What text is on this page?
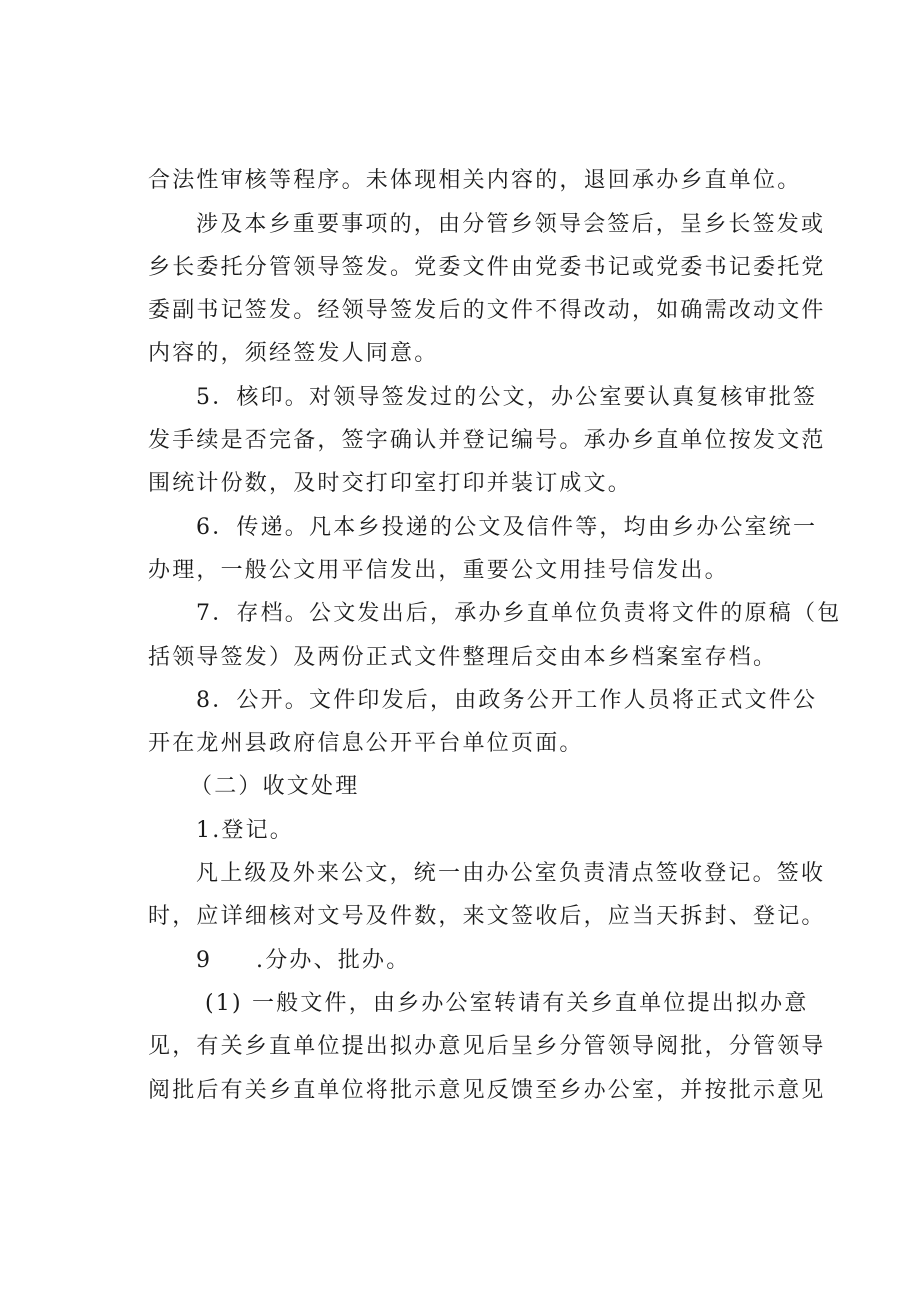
合法性审核等程序。未体现相关内容的，退回承办乡直单位。
涉及本乡重要事项的，由分管乡领导会签后，呈乡长签发或
乡长委托分管领导签发。党委文件由党委书记或党委书记委托党
委副书记签发。经领导签发后的文件不得改动，如确需改动文件
内容的，须经签发人同意。
5．核印。对领导签发过的公文，办公室要认真复核审批签
发手续是否完备，签字确认并登记编号。承办乡直单位按发文范
围统计份数，及时交打印室打印并装订成文。
6．传递。凡本乡投递的公文及信件等，均由乡办公室统一
办理，一般公文用平信发出，重要公文用挂号信发出。
7．存档。公文发出后，承办乡直单位负责将文件的原稿（包
括领导签发）及两份正式文件整理后交由本乡档案室存档。
8．公开。文件印发后，由政务公开工作人员将正式文件公
开在龙州县政府信息公开平台单位页面。
（二）收文处理
1.登记。
凡上级及外来公文，统一由办公室负责清点签收登记。签收
时，应详细核对文号及件数，来文签收后，应当天拆封、登记。
9 .分办、批办。
(1) 一般文件，由乡办公室转请有关乡直单位提出拟办意
见，有关乡直单位提出拟办意见后呈乡分管领导阅批，分管领导
阅批后有关乡直单位将批示意见反馈至乡办公室，并按批示意见
